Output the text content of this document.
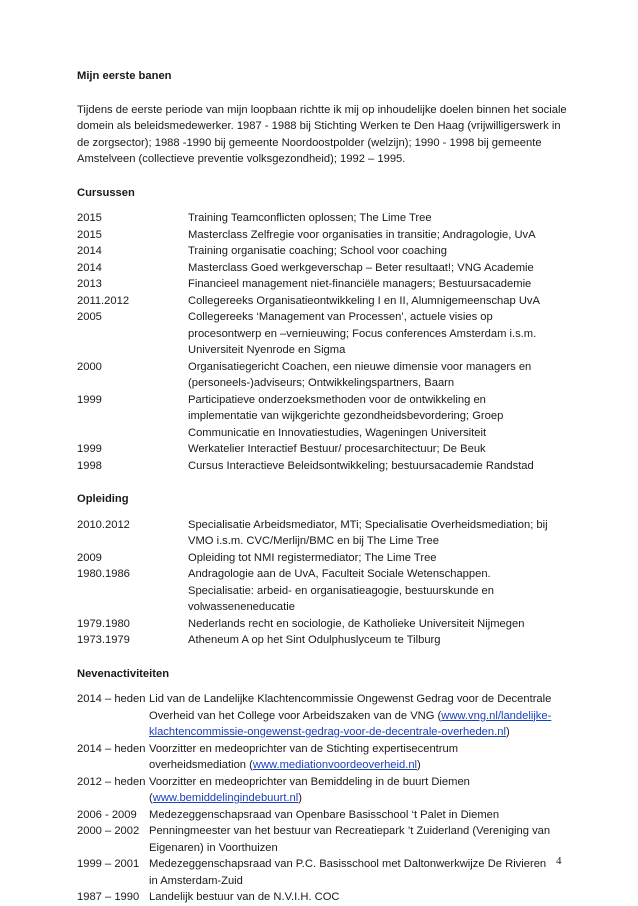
Mijn eerste banen

Tijdens de eerste periode van mijn loopbaan richtte ik mij op inhoudelijke doelen binnen het sociale domein als beleidsmedewerker. 1987 - 1988 bij Stichting Werken te Den Haag (vrijwilligerswerk in de zorgsector); 1988 -1990 bij gemeente Noordoostpolder (welzijn); 1990 - 1998 bij gemeente Amstelveen (collectieve preventie volksgezondheid); 1992 – 1995.

Cursussen

2015	Training Teamconflicten oplossen; The Lime Tree
2015	Masterclass Zelfregie voor organisaties in transitie; Andragologie, UvA
2014	Training organisatie coaching; School voor coaching
2014	Masterclass Goed werkgeverschap – Beter resultaat!; VNG Academie
2013	Financieel management niet-financiële managers; Bestuursacademie
2011.2012	Collegereeks Organisatieontwikkeling I en II, Alumnigemeenschap UvA
2005	Collegereeks ‘Management van Processen’, actuele visies op
procesontwerp en –vernieuwing; Focus conferences Amsterdam i.s.m.
Universiteit Nyenrode en Sigma
2000	Organisatiegericht Coachen, een nieuwe dimensie voor managers en
(personeels-)adviseurs; Ontwikkelingspartners, Baarn
1999	Participatieve onderzoeksmethoden voor de ontwikkeling en
implementatie van wijkgerichte gezondheidsbevordering; Groep
Communicatie en Innovatiestudies, Wageningen Universiteit
1999	Werkatelier Interactief Bestuur/ procesarchitectuur; De Beuk
1998	Cursus Interactieve Beleidsontwikkeling; bestuursacademie Randstad

Opleiding

2010.2012	Specialisatie Arbeidsmediator, MTi; Specialisatie Overheidsmediation; bij
VMO i.s.m. CVC/Merlijn/BMC en bij The Lime Tree
2009	Opleiding tot NMI registermediator; The Lime Tree
1980.1986	Andragologie aan de UvA, Faculteit Sociale Wetenschappen.
Specialisatie: arbeid- en organisatieagogie, bestuurskunde en
volwasseneneducatie
1979.1980	Nederlands recht en sociologie, de Katholieke Universiteit Nijmegen
1973.1979	Atheneum A op het Sint Odulphuslyceum te Tilburg

Nevenactiviteiten

2014 – heden Lid van de Landelijke Klachtencommissie Ongewenst Gedrag voor de Decentrale
Overheid van het College voor Arbeidszaken van de VNG (www.vng.nl/landelijke-
klachtencommissie-ongewenst-gedrag-voor-de-decentrale-overheden.nl)
2014 – heden Voorzitter en medeoprichter van de Stichting expertisecentrum
overheidsmediation (www.mediationvoordeoverheid.nl)
2012 – heden Voorzitter en medeoprichter van Bemiddeling in de buurt Diemen
(www.bemiddelingindebuurt.nl)
2006 - 2009	Medezeggenschapsraad van Openbare Basisschool ‘t Palet in Diemen
2000 – 2002 Penningmeester van het bestuur van Recreatiepark ’t Zuiderland (Vereniging van
Eigenaren) in Voorthuizen
1999 – 2001 Medezeggenschapsraad van P.C. Basisschool met Daltonwerkwijze De Rivieren
in Amsterdam-Zuid
1987 – 1990 Landelijk bestuur van de N.V.I.H. COC
4
